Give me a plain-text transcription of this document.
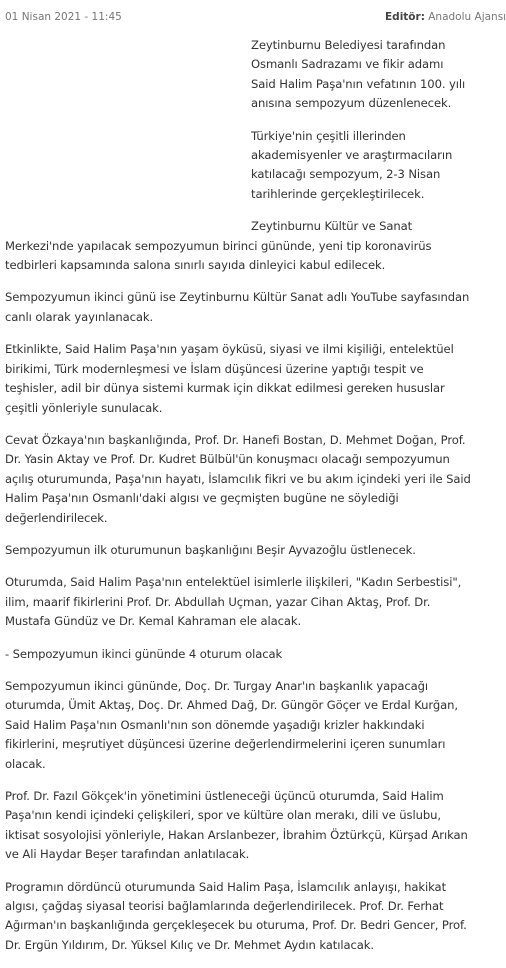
01 Nisan 2021 - 11:45	Editör: Anadolu Ajansı

Zeytinburnu Belediyesi tarafından Osmanlı Sadrazamı ve fikir adamı Said Halim Paşa'nın vefatının 100. yılı anısına sempozyum düzenlenecek.

Türkiye'nin çeşitli illerinden akademisyenler ve araştırmacıların katılacağı sempozyum, 2-3 Nisan tarihlerinde gerçekleştirilecek.

Zeytinburnu Kültür ve Sanat Merkezi'nde yapılacak sempozyumun birinci gününde, yeni tip koronavirüs tedbirleri kapsamında salona sınırlı sayıda dinleyici kabul edilecek.

Sempozyumun ikinci günü ise Zeytinburnu Kültür Sanat adlı YouTube sayfasından canlı olarak yayınlanacak.

Etkinlikte, Said Halim Paşa'nın yaşam öyküsü, siyasi ve ilmi kişiliği, entelektüel birikimi, Türk modernleşmesi ve İslam düşüncesi üzerine yaptığı tespit ve teşhisler, adil bir dünya sistemi kurmak için dikkat edilmesi gereken hususlar çeşitli yönleriyle sunulacak.

Cevat Özkaya'nın başkanlığında, Prof. Dr. Hanefi Bostan, D. Mehmet Doğan, Prof. Dr. Yasin Aktay ve Prof. Dr. Kudret Bülbül'ün konuşmacı olacağı sempozyumun açılış oturumunda, Paşa'nın hayatı, İslamcılık fikri ve bu akım içindeki yeri ile Said Halim Paşa'nın Osmanlı'daki algısı ve geçmişten bugüne ne söylediği değerlendirilecek.

Sempozyumun ilk oturumunun başkanlığını Beşir Ayvazoğlu üstlenecek.

Oturumda, Said Halim Paşa'nın entelektüel isimlerle ilişkileri, "Kadın Serbestisi", ilim, maarif fikirlerini Prof. Dr. Abdullah Uçman, yazar Cihan Aktaş, Prof. Dr. Mustafa Gündüz ve Dr. Kemal Kahraman ele alacak.

- Sempozyumun ikinci gününde 4 oturum olacak

Sempozyumun ikinci gününde, Doç. Dr. Turgay Anar'ın başkanlık yapacağı oturumda, Ümit Aktaş, Doç. Dr. Ahmed Dağ, Dr. Güngör Göçer ve Erdal Kurğan, Said Halim Paşa'nın Osmanlı'nın son dönemde yaşadığı krizler hakkındaki fikirlerini, meşrutiyet düşüncesi üzerine değerlendirmelerini içeren sunumları olacak.

Prof. Dr. Fazıl Gökçek'in yönetimini üstleneceği üçüncü oturumda, Said Halim Paşa'nın kendi içindeki çelişkileri, spor ve kültüre olan merakı, dili ve üslubu, iktisat sosyolojisi yönleriyle, Hakan Arslanbezer, İbrahim Öztürkçü, Kürşad Arıkan ve Ali Haydar Beşer tarafından anlatılacak.

Programın dördüncü oturumunda Said Halim Paşa, İslamcılık anlayışı, hakikat algısı, çağdaş siyasal teorisi bağlamlarında değerlendirilecek. Prof. Dr. Ferhat Ağırman'ın başkanlığında gerçekleşecek bu oturuma, Prof. Dr. Bedri Gencer, Prof. Dr. Ergün Yıldırım, Dr. Yüksel Kılıç ve Dr. Mehmet Aydın katılacak.
